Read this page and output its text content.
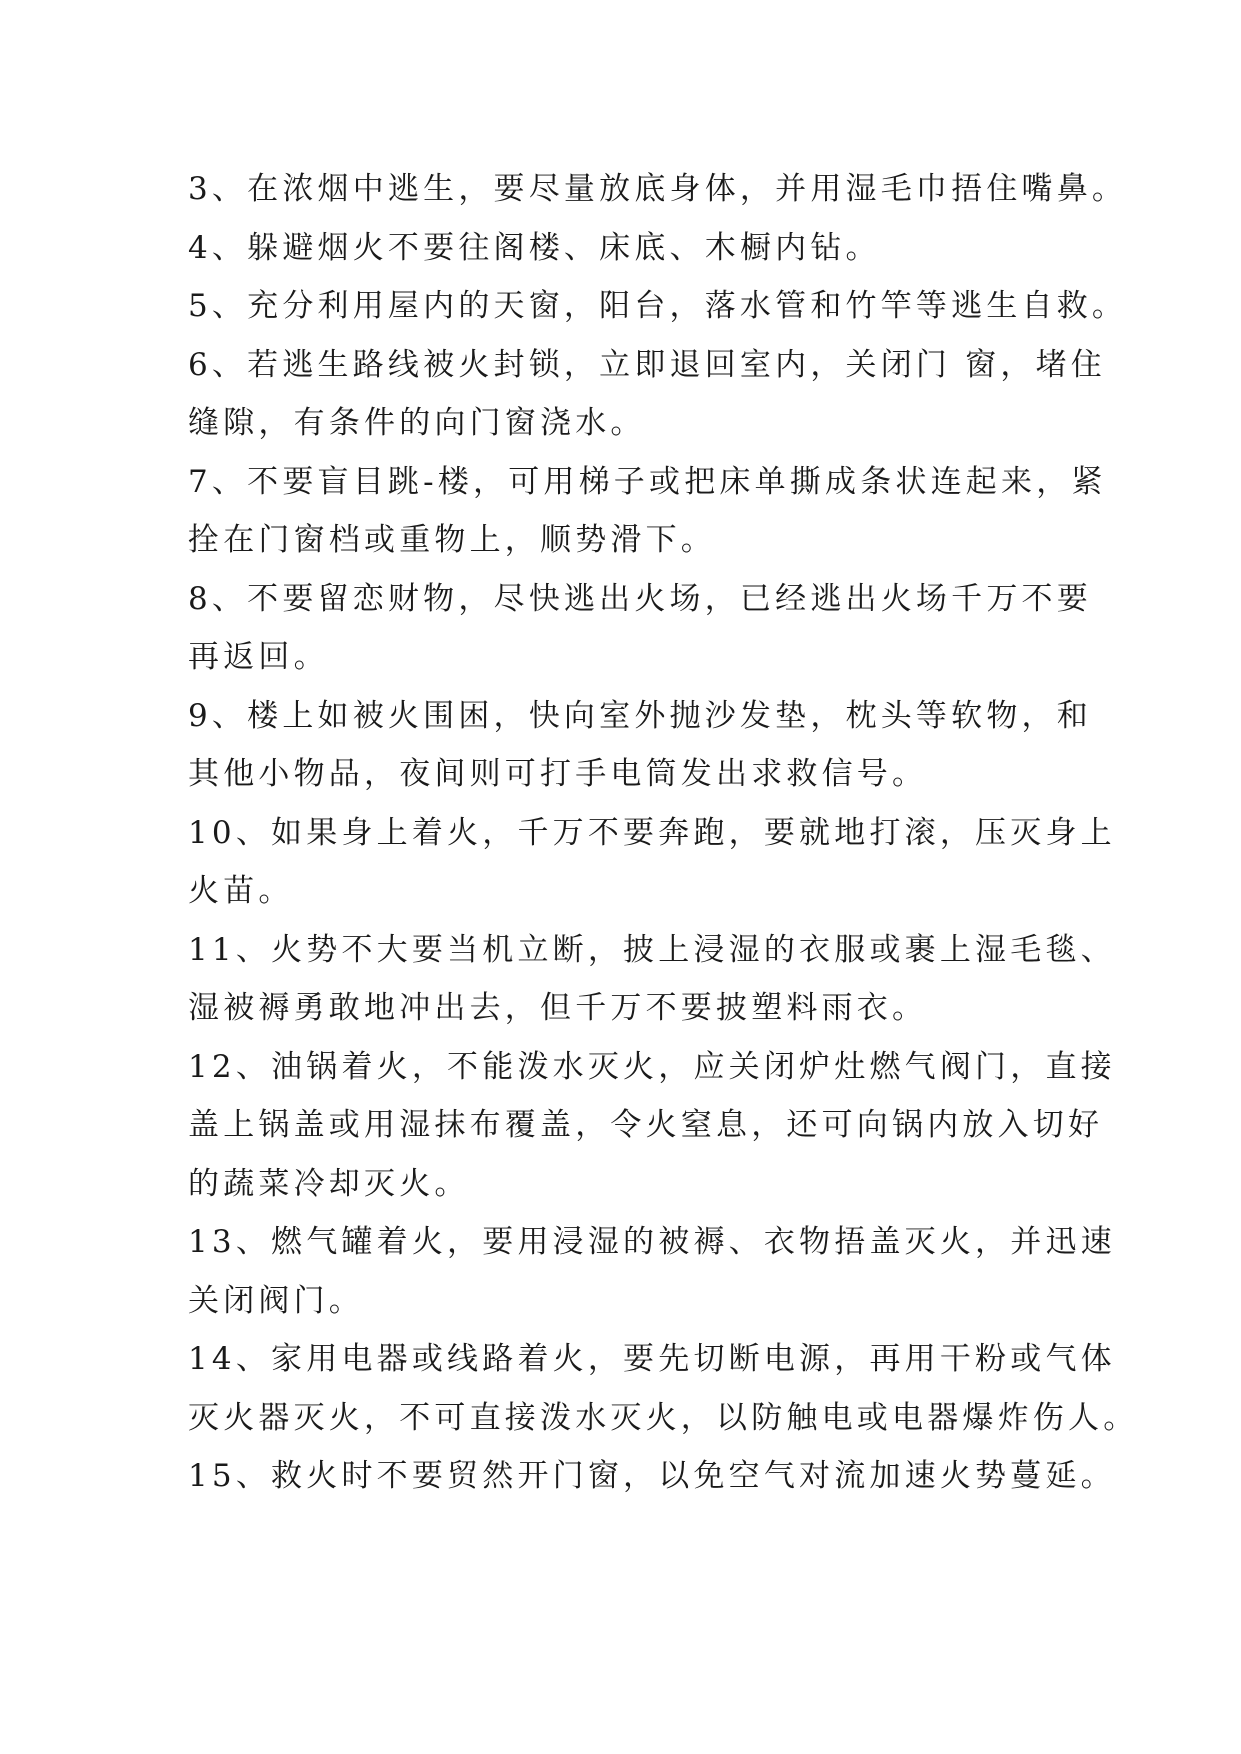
3、在浓烟中逃生，要尽量放底身体，并用湿毛巾捂住嘴鼻。
4、躲避烟火不要往阁楼、床底、木橱内钻。
5、充分利用屋内的天窗，阳台，落水管和竹竿等逃生自救。
6、若逃生路线被火封锁，立即退回室内，关闭门 窗，堵住
缝隙，有条件的向门窗浇水。
7、不要盲目跳-楼，可用梯子或把床单撕成条状连起来，紧
拴在门窗档或重物上，顺势滑下。
8、不要留恋财物，尽快逃出火场，已经逃出火场千万不要
再返回。
9、楼上如被火围困，快向室外抛沙发垫，枕头等软物，和
其他小物品，夜间则可打手电筒发出求救信号。
10、如果身上着火，千万不要奔跑，要就地打滚，压灭身上
火苗。
11、火势不大要当机立断，披上浸湿的衣服或裹上湿毛毯、
湿被褥勇敢地冲出去，但千万不要披塑料雨衣。
12、油锅着火，不能泼水灭火，应关闭炉灶燃气阀门，直接
盖上锅盖或用湿抹布覆盖，令火窒息，还可向锅内放入切好
的蔬菜冷却灭火。
13、燃气罐着火，要用浸湿的被褥、衣物捂盖灭火，并迅速
关闭阀门。
14、家用电器或线路着火，要先切断电源，再用干粉或气体
灭火器灭火，不可直接泼水灭火，以防触电或电器爆炸伤人。
15、救火时不要贸然开门窗，以免空气对流加速火势蔓延。
